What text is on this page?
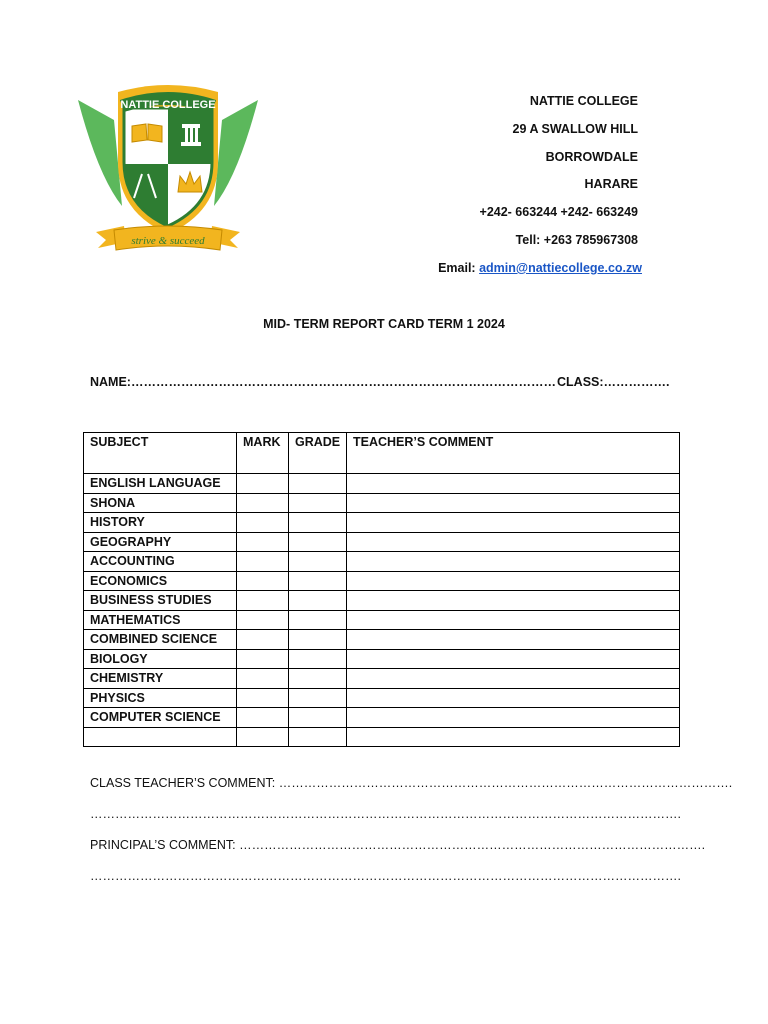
NATTIE COLLEGE
strive & succeed
NATTIE COLLEGE
29 A SWALLOW HILL
BORROWDALE
HARARE
+242- 663244 +242- 663249
Tell: +263 785967308
Email: admin@nattiecollege.co.zw
MID- TERM REPORT CARD TERM 1 2024
NAME:………………………………………………………………………………………… CLASS:…………….
SUBJECT	MARK	GRADE	TEACHER’S COMMENT
ENGLISH LANGUAGE			
SHONA			
HISTORY			
GEOGRAPHY			
ACCOUNTING			
ECONOMICS			
BUSINESS STUDIES			
MATHEMATICS			
COMBINED SCIENCE			
BIOLOGY			
CHEMISTRY			
PHYSICS			
COMPUTER SCIENCE			

CLASS TEACHER’S COMMENT: ……………………………………………………………………………………………….
…………………………………………………………………………………………………………………………….
PRINCIPAL’S COMMENT: ………………………………………………………………………………………………….
…………………………………………………………………………………………………………………………….
